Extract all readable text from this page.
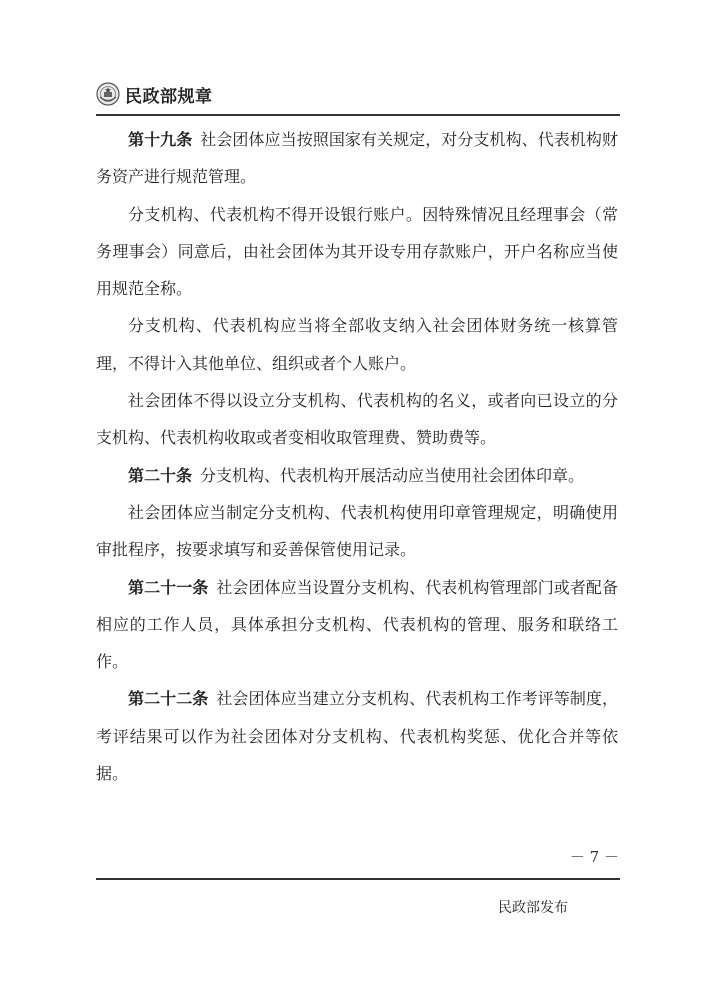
民政部规章

第十九条 社会团体应当按照国家有关规定，对分支机构、代表机构财务资产进行规范管理。

分支机构、代表机构不得开设银行账户。因特殊情况且经理事会（常务理事会）同意后，由社会团体为其开设专用存款账户，开户名称应当使用规范全称。

分支机构、代表机构应当将全部收支纳入社会团体财务统一核算管理，不得计入其他单位、组织或者个人账户。

社会团体不得以设立分支机构、代表机构的名义，或者向已设立的分支机构、代表机构收取或者变相收取管理费、赞助费等。

第二十条 分支机构、代表机构开展活动应当使用社会团体印章。

社会团体应当制定分支机构、代表机构使用印章管理规定，明确使用审批程序，按要求填写和妥善保管使用记录。

第二十一条 社会团体应当设置分支机构、代表机构管理部门或者配备相应的工作人员，具体承担分支机构、代表机构的管理、服务和联络工作。

第二十二条 社会团体应当建立分支机构、代表机构工作考评等制度，考评结果可以作为社会团体对分支机构、代表机构奖惩、优化合并等依据。

－ 7 －
民政部发布
